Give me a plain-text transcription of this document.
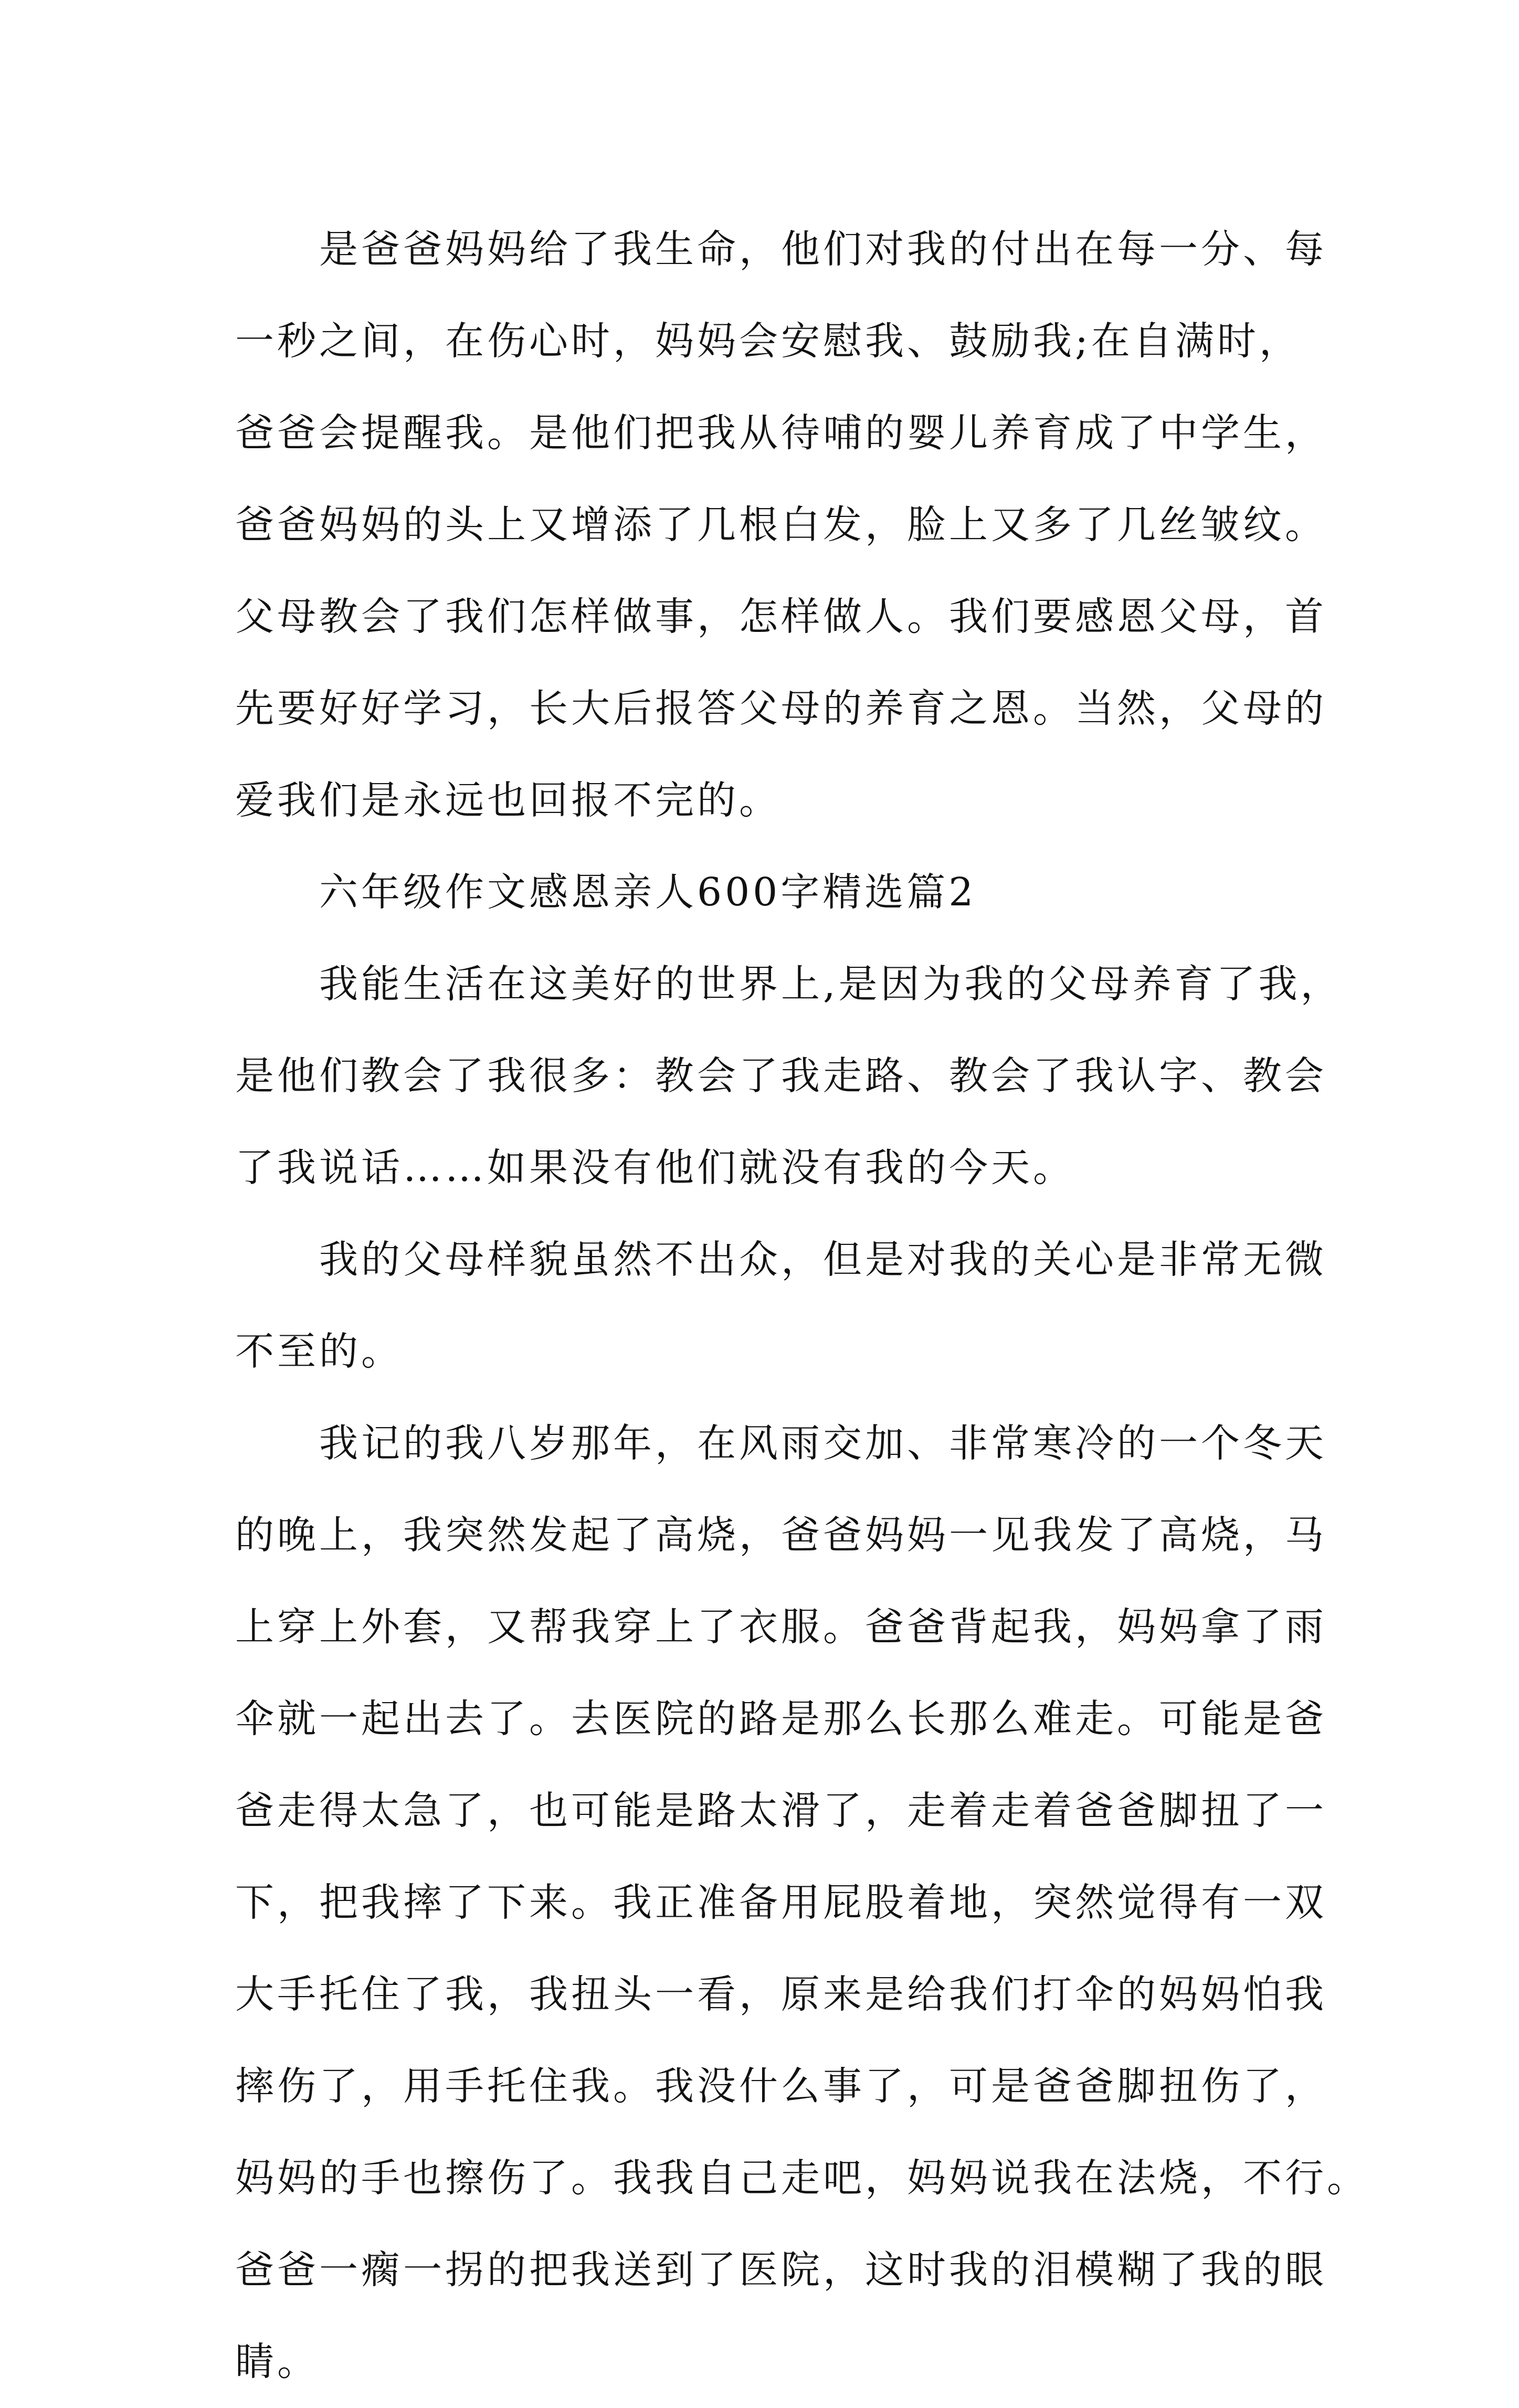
　　是爸爸妈妈给了我生命，他们对我的付出在每一分、每
一秒之间，在伤心时，妈妈会安慰我、鼓励我;在自满时，
爸爸会提醒我。是他们把我从待哺的婴儿养育成了中学生，
爸爸妈妈的头上又增添了几根白发，脸上又多了几丝皱纹。
父母教会了我们怎样做事，怎样做人。我们要感恩父母，首
先要好好学习，长大后报答父母的养育之恩。当然，父母的
爱我们是永远也回报不完的。
　　六年级作文感恩亲人600字精选篇2
　　我能生活在这美好的世界上,是因为我的父母养育了我，
是他们教会了我很多：教会了我走路、教会了我认字、教会
了我说话……如果没有他们就没有我的今天。
　　我的父母样貌虽然不出众，但是对我的关心是非常无微
不至的。
　　我记的我八岁那年，在风雨交加、非常寒冷的一个冬天
的晚上，我突然发起了高烧，爸爸妈妈一见我发了高烧，马
上穿上外套，又帮我穿上了衣服。爸爸背起我，妈妈拿了雨
伞就一起出去了。去医院的路是那么长那么难走。可能是爸
爸走得太急了，也可能是路太滑了，走着走着爸爸脚扭了一
下，把我摔了下来。我正准备用屁股着地，突然觉得有一双
大手托住了我，我扭头一看，原来是给我们打伞的妈妈怕我
摔伤了，用手托住我。我没什么事了，可是爸爸脚扭伤了，
妈妈的手也擦伤了。我我自己走吧，妈妈说我在法烧，不行。
爸爸一瘸一拐的把我送到了医院，这时我的泪模糊了我的眼
睛。
